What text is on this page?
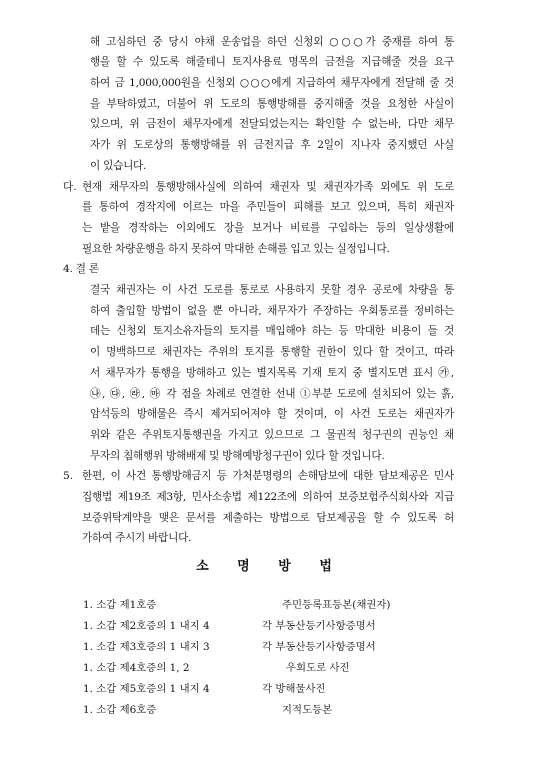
해 고심하던 중 당시 야채 운송업을 하던 신청외 ○○○가 중재를 하여 통
행을 할 수 있도록 해줄테니 토지사용료 명목의 금전을 지급해줄 것을 요구
하여 금 1,000,000원을 신청외 ○○○에게 지급하여 채무자에게 전달해 줄 것
을 부탁하였고, 더불어 위 도로의 통행방해를 중지해줄 것을 요청한 사실이
있으며, 위 금전이 채무자에게 전달되었는지는 확인할 수 없는바, 다만 채무
자가 위 도로상의 통행방해를 위 금전지급 후 2일이 지나자 중지했던 사실
이 있습니다.
다. 현재 채무자의 통행방해사실에 의하여 채권자 및 채권자가족 외에도 위 도로
를 통하여 경작지에 이르는 마을 주민들이 피해를 보고 있으며, 특히 채권자
는 밭을 경작하는 이외에도 장을 보거나 비료를 구입하는 등의 일상생활에
필요한 차량운행을 하지 못하여 막대한 손해를 입고 있는 실정입니다.
4. 결 론
결국 채권자는 이 사건 도로를 통로로 사용하지 못할 경우 공로에 차량을 통
하여 출입할 방법이 없을 뿐 아니라, 채무자가 주장하는 우회통로를 정비하는
데는 신청외 토지소유자들의 토지를 매입해야 하는 등 막대한 비용이 들 것
이 명백하므로 채권자는 주위의 토지를 통행할 권한이 있다 할 것이고, 따라
서 채무자가 통행을 방해하고 있는 별지목록 기재 토지 중 별지도면 표시 ㉮,
㉯, ㉰, ㉱, ㉲ 각 점을 차례로 연결한 선내 ①부분 도로에 설치되어 있는 흙,
암석등의 방해물은 즉시 제거되어져야 할 것이며, 이 사건 도로는 채권자가
위와 같은 주위토지통행권을 가지고 있으므로 그 물권적 청구권의 권능인 채
무자의 침해행위 방해배제 및 방해예방청구권이 있다 할 것입니다.
5. 한편, 이 사건 통행방해금지 등 가처분명령의 손해담보에 대한 담보제공은 민사
집행법 제19조 제3항, 민사소송법 제122조에 의하여 보증보험주식회사와 지급
보증위탁계약을 맺은 문서를 제출하는 방법으로 담보제공을 할 수 있도록 허
가하여 주시기 바랍니다.
소 명 방 법
1. 소갑 제1호증	주민등록표등본(채권자)
1. 소갑 제2호증의 1 내지 4	각 부동산등기사항증명서
1. 소갑 제3호증의 1 내지 3	각 부동산등기사항증명서
1. 소갑 제4호증의 1, 2	우회도로 사진
1. 소갑 제5호증의 1 내지 4	각 방해물사진
1. 소갑 제6호증	지적도등본
